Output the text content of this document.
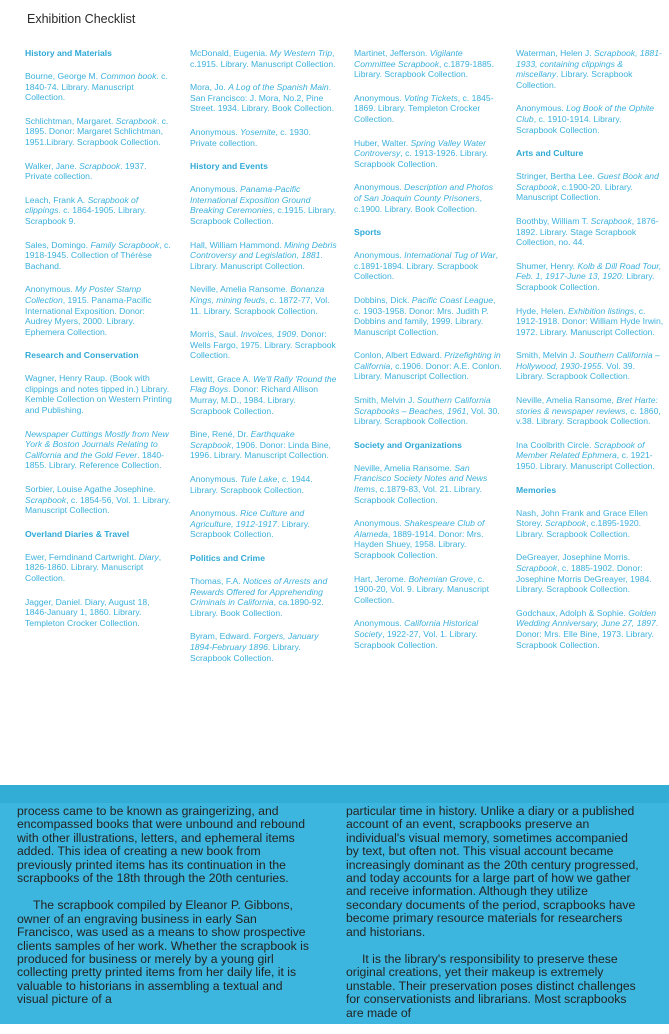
Exhibition Checklist
History and Materials
Bourne, George M. Common book. c. 1840-74. Library. Manuscript Collection.
Schlichtman, Margaret. Scrapbook. c. 1895. Donor: Margaret Schlichtman, 1951.Library. Scrapbook Collection.
Walker, Jane. Scrapbook. 1937. Private collection.
Leach, Frank A. Scrapbook of clippings. c. 1864-1905. Library. Scrapbook 9.
Sales, Domingo. Family Scrapbook, c. 1918-1945. Collection of Thérèse Bachand.
Anonymous. My Poster Stamp Collection, 1915. Panama-Pacific International Exposition. Donor: Audrey Myers, 2000. Library. Ephemera Collection.
Research and Conservation
Wagner, Henry Raup. (Book with clippings and notes tipped in.) Library. Kemble Collection on Western Printing and Publishing.
Newspaper Cuttings Mostly from New York & Boston Journals Relating to California and the Gold Fever. 1840-1855. Library. Reference Collection.
Sorbier, Louise Agathe Josephine. Scrapbook, c. 1854-56, Vol. 1. Library. Manuscript Collection.
Overland Diaries & Travel
Ewer, Ferndinand Cartwright. Diary, 1826-1860. Library. Manuscript Collection.
Jagger, Daniel. Diary, August 18, 1846-January 1, 1860. Library. Templeton Crocker Collection.
McDonald, Eugenia. My Western Trip, c.1915. Library. Manuscript Collection.
Mora, Jo. A Log of the Spanish Main. San Francisco: J. Mora, No.2, Pine Street. 1934. Library. Book Collection.
Anonymous. Yosemite, c. 1930. Private collection.
History and Events
Anonymous. Panama-Pacific International Exposition Ground Breaking Ceremonies, c.1915. Library. Scrapbook Collection.
Hall, William Hammond. Mining Debris Controversy and Legislation, 1881. Library. Manuscript Collection.
Neville, Amelia Ransome. Bonanza Kings, mining feuds, c. 1872-77, Vol. 11. Library. Scrapbook Collection.
Morris, Saul. Invoices, 1909. Donor: Wells Fargo, 1975. Library. Scrapbook Collection.
Lewitt, Grace A. We'll Rally 'Round the Flag Boys. Donor: Richard Allison Murray, M.D., 1984. Library. Scrapbook Collection.
Bine, René, Dr. Earthquake Scrapbook, 1906. Donor: Linda Bine, 1996. Library. Manuscript Collection.
Anonymous. Tule Lake, c. 1944. Library. Scrapbook Collection.
Anonymous. Rice Culture and Agriculture, 1912-1917. Library. Scrapbook Collection.
Politics and Crime
Thomas, F.A. Notices of Arrests and Rewards Offered for Apprehending Criminals in California, ca.1890-92. Library. Book Collection.
Byram, Edward. Forgers, January 1894-February 1896. Library. Scrapbook Collection.
Martinet, Jefferson. Vigilante Committee Scrapbook, c.1879-1885. Library. Scrapbook Collection.
Anonymous. Voting Tickets, c. 1845-1869. Library. Templeton Crocker Collection.
Huber, Walter. Spring Valley Water Controversy, c. 1913-1926. Library. Scrapbook Collection.
Anonymous. Description and Photos of San Joaquin County Prisoners, c.1900. Library. Book Collection.
Sports
Anonymous. International Tug of War, c.1891-1894. Library. Scrapbook Collection.
Dobbins, Dick. Pacific Coast League, c. 1903-1958. Donor: Mrs. Judith P. Dobbins and family, 1999. Library. Manuscript Collection.
Conlon, Albert Edward. Prizefighting in California, c.1906. Donor: A.E. Conlon. Library. Manuscript Collection.
Smith, Melvin J. Southern California Scrapbooks – Beaches, 1961, Vol. 30. Library. Scrapbook Collection.
Society and Organizations
Neville, Amelia Ransome. San Francisco Society Notes and News Items, c.1879-83, Vol. 21. Library. Scrapbook Collection.
Anonymous. Shakespeare Club of Alameda, 1889-1914. Donor: Mrs. Hayden Shuey, 1958. Library. Scrapbook Collection.
Hart, Jerome. Bohemian Grove, c. 1900-20, Vol. 9. Library. Manuscript Collection.
Anonymous. California Historical Society, 1922-27, Vol. 1. Library. Scrapbook Collection.
Waterman, Helen J. Scrapbook, 1881-1933, containing clippings & miscellany. Library. Scrapbook Collection.
Anonymous. Log Book of the Ophite Club, c. 1910-1914. Library. Scrapbook Collection.
Arts and Culture
Stringer, Bertha Lee. Guest Book and Scrapbook, c.1900-20. Library. Manuscript Collection.
Boothby, William T. Scrapbook, 1876-1892. Library. Stage Scrapbook Collection, no. 44.
Shumer, Henry. Kolb & Dill Road Tour, Feb. 1, 1917-June 13, 1920. Library. Scrapbook Collection.
Hyde, Helen. Exhibition listings, c. 1912-1918. Donor: William Hyde Irwin, 1972. Library. Manuscript Collection.
Smith, Melvin J. Southern California – Hollywood, 1930-1955. Vol. 39. Library. Scrapbook Collection.
Neville, Amelia Ransome, Bret Harte: stories & newspaper reviews, c. 1860, v.38. Library. Scrapbook Collection.
Ina Coolbrith Circle. Scrapbook of Member Related Ephmera, c. 1921-1950. Library. Manuscript Collection.
Memories
Nash, John Frank and Grace Ellen Storey. Scrapbook, c.1895-1920. Library. Scrapbook Collection.
DeGreayer, Josephine Morris. Scrapbook, c. 1885-1902. Donor: Josephine Morris DeGreayer, 1984. Library. Scrapbook Collection.
Godchaux, Adolph & Sophie. Golden Wedding Anniversary, June 27, 1897. Donor: Mrs. Elle Bine, 1973. Library. Scrapbook Collection.

process came to be known as graingerizing, and encompassed books that were unbound and rebound with other illustrations, letters, and ephemeral items added. This idea of creating a new book from previously printed items has its continuation in the scrapbooks of the 18th through the 20th centuries.

The scrapbook compiled by Eleanor P. Gibbons, owner of an engraving business in early San Francisco, was used as a means to show prospective clients samples of her work. Whether the scrapbook is produced for business or merely by a young girl collecting pretty printed items from her daily life, it is valuable to historians in assembling a textual and visual picture of a

particular time in history. Unlike a diary or a published account of an event, scrapbooks preserve an individual's visual memory, sometimes accompanied by text, but often not. This visual account became increasingly dominant as the 20th century progressed, and today accounts for a large part of how we gather and receive information. Although they utilize secondary documents of the period, scrapbooks have become primary resource materials for researchers and historians.

It is the library's responsibility to preserve these original creations, yet their makeup is extremely unstable. Their preservation poses distinct challenges for conservationists and librarians. Most scrapbooks are made of
